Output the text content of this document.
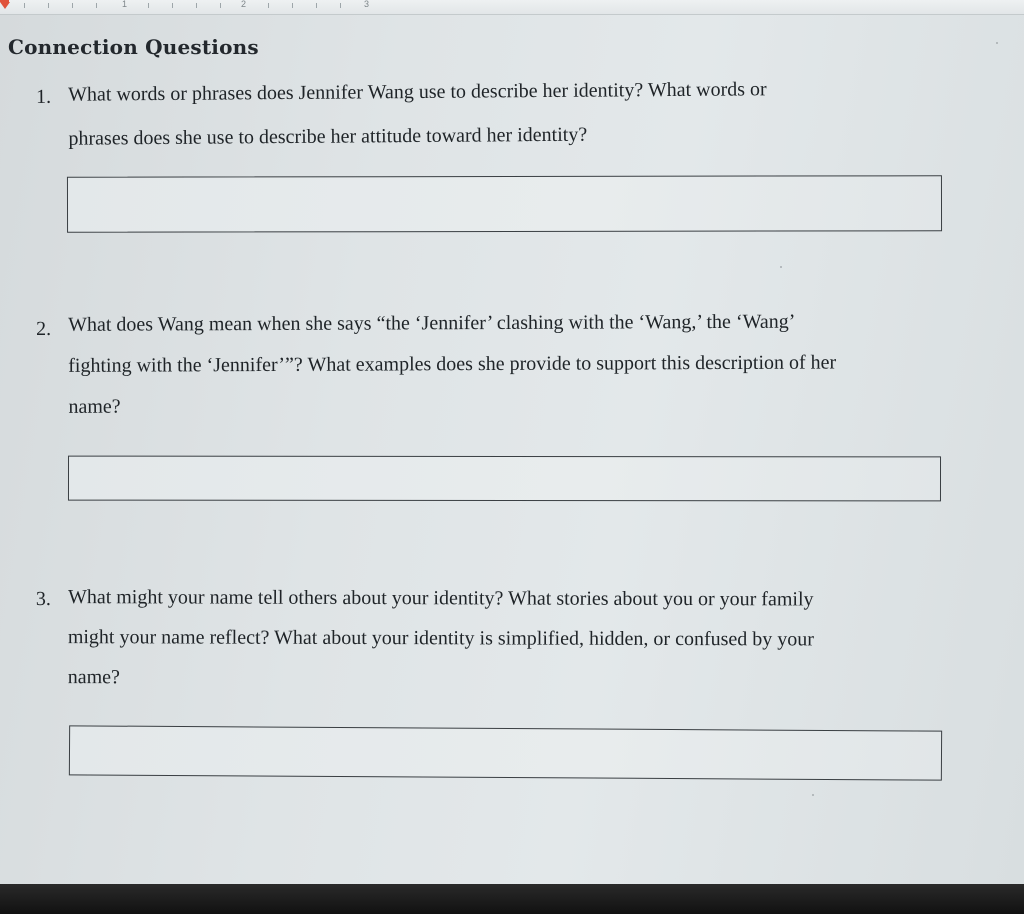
1	2	3
Connection Questions
1. What words or phrases does Jennifer Wang use to describe her identity? What words or
phrases does she use to describe her attitude toward her identity?
2. What does Wang mean when she says “the ‘Jennifer’ clashing with the ‘Wang,’ the ‘Wang’
fighting with the ‘Jennifer’”? What examples does she provide to support this description of her
name?
3. What might your name tell others about your identity? What stories about you or your family
might your name reflect? What about your identity is simplified, hidden, or confused by your
name?
